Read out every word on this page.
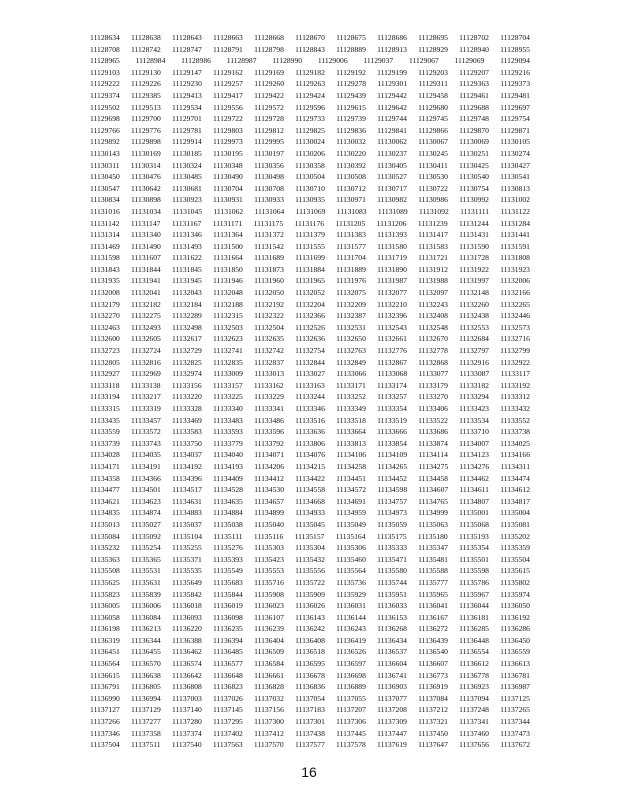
11128634 11128638 11128643 11128663 11128668 11128670 11128675 11128686 11128695 11128702 11128704
11128708 11128742 11128747 11128791 11128798 11128843 11128889 11128913 11128929 11128940 11128955
11128965 11128984 11128986 11128987 11128990 11129006 11129037 11129067 11129069 11129094
11129103 11129130 11129147 11129162 11129169 11129182 11129192 11129199 11129203 11129207 11129216
11129222 11129226 11129230 11129257 11129260 11129263 11129278 11129301 11129311 11129363 11129373
11129374 11129385 11129413 11129417 11129422 11129424 11129439 11129442 11129458 11129461 11129481
11129502 11129513 11129534 11129556 11129572 11129596 11129615 11129642 11129680 11129688 11129697
11129698 11129700 11129701 11129722 11129728 11129733 11129739 11129744 11129745 11129748 11129754
11129766 11129776 11129781 11129803 11129812 11129825 11129836 11129841 11129866 11129870 11129871
11129892 11129898 11129914 11129973 11129995 11130024 11130032 11130062 11130067 11130069 11130105
11130143 11130169 11130185 11130195 11130197 11130206 11130220 11130237 11130245 11130251 11130274
11130311 11130314 11130324 11130348 11130356 11130358 11130392 11130405 11130411 11130425 11130427
11130450 11130476 11130485 11130490 11130498 11130504 11130508 11130527 11130530 11130540 11130541
11130547 11130642 11130681 11130704 11130708 11130710 11130712 11130717 11130722 11130754 11130813
11130834 11130898 11130923 11130931 11130933 11130935 11130971 11130982 11130986 11130992 11131002
11131016 11131034 11131045 11131062 11131064 11131069 11131083 11131089 11131092 11131111 11131122
11131142 11131147 11131167 11131171 11131175 11131176 11131205 11131206 11131239 11131244 11131284
11131314 11131340 11131346 11131364 11131372 11131379 11131383 11131393 11131417 11131431 11131441
11131469 11131490 11131493 11131500 11131542 11131555 11131577 11131580 11131583 11131590 11131591
11131598 11131607 11131622 11131664 11131689 11131699 11131704 11131719 11131721 11131728 11131808
11131843 11131844 11131845 11131850 11131873 11131884 11131889 11131890 11131912 11131922 11131923
11131935 11131941 11131945 11131946 11131960 11131965 11131976 11131987 11131988 11131997 11132006
11132008 11132041 11132043 11132048 11132050 11132052 11132075 11132077 11132097 11132148 11132166
11132179 11132182 11132184 11132188 11132192 11132204 11132209 11132210 11132243 11132260 11132265
11132270 11132275 11132289 11132315 11132322 11132366 11132387 11132396 11132408 11132438 11132446
11132463 11132493 11132498 11132503 11132504 11132526 11132531 11132543 11132548 11132553 11132573
11132600 11132605 11132617 11132623 11132635 11132636 11132650 11132661 11132670 11132684 11132716
11132723 11132724 11132729 11132741 11132742 11132754 11132763 11132776 11132778 11132797 11132799
11132805 11132816 11132825 11132835 11132837 11132844 11132849 11132867 11132868 11132916 11132922
11132927 11132969 11132974 11133009 11133013 11133027 11133066 11133068 11133077 11133087 11133117
11133118 11133138 11133156 11133157 11133162 11133163 11133171 11133174 11133179 11133182 11133192
11133194 11133217 11133220 11133225 11133229 11133244 11133252 11133257 11133270 11133294 11133312
11133315 11133319 11133328 11133340 11133341 11133346 11133349 11133354 11133406 11133423 11133432
11133435 11133457 11133469 11133483 11133486 11133516 11133518 11133519 11133522 11133534 11133552
11133559 11133572 11133583 11133593 11133596 11133636 11133664 11133666 11133686 11133710 11133738
11133739 11133743 11133750 11133779 11133792 11133806 11133813 11133854 11133874 11134007 11134025
11134028 11134035 11134037 11134040 11134071 11134076 11134106 11134109 11134114 11134123 11134166
11134171 11134191 11134192 11134193 11134206 11134215 11134258 11134265 11134275 11134276 11134311
11134358 11134366 11134396 11134409 11134412 11134422 11134451 11134452 11134458 11134462 11134474
11134477 11134501 11134517 11134528 11134530 11134558 11134572 11134598 11134607 11134611 11134612
11134621 11134623 11134631 11134635 11134657 11134668 11134691 11134757 11134765 11134807 11134817
11134835 11134874 11134883 11134884 11134899 11134933 11134959 11134973 11134999 11135001 11135004
11135013 11135027 11135037 11135038 11135040 11135045 11135049 11135059 11135063 11135068 11135081
11135084 11135092 11135104 11135111 11135116 11135157 11135164 11135175 11135180 11135193 11135202
11135232 11135254 11135255 11135276 11135303 11135304 11135306 11135333 11135347 11135354 11135359
11135363 11135365 11135371 11135393 11135423 11135432 11135460 11135471 11135481 11135501 11135504
11135508 11135531 11135535 11135549 11135553 11135556 11135564 11135580 11135588 11135598 11135615
11135625 11135631 11135649 11135683 11135716 11135722 11135736 11135744 11135777 11135786 11135802
11135823 11135839 11135842 11135844 11135908 11135909 11135929 11135951 11135965 11135967 11135974
11136005 11136006 11136018 11136019 11136023 11136026 11136031 11136033 11136041 11136044 11136050
11136058 11136084 11136093 11136098 11136107 11136143 11136144 11136153 11136167 11136181 11136192
11136198 11136213 11136220 11136235 11136239 11136242 11136243 11136268 11136272 11136285 11136286
11136319 11136344 11136388 11136394 11136404 11136408 11136419 11136434 11136439 11136448 11136450
11136451 11136455 11136462 11136485 11136509 11136518 11136526 11136537 11136540 11136554 11136559
11136564 11136570 11136574 11136577 11136584 11136595 11136597 11136604 11136607 11136612 11136613
11136615 11136638 11136642 11136648 11136661 11136678 11136698 11136741 11136773 11136778 11136781
11136791 11136805 11136808 11136823 11136828 11136836 11136889 11136903 11136919 11136923 11136987
11136990 11136994 11137003 11137026 11137032 11137054 11137055 11137077 11137084 11137094 11137125
11137127 11137129 11137140 11137145 11137156 11137183 11137207 11137208 11137212 11137248 11137265
11137266 11137277 11137280 11137295 11137300 11137301 11137306 11137309 11137321 11137341 11137344
11137346 11137358 11137374 11137402 11137412 11137438 11137445 11137447 11137450 11137460 11137473
11137504 11137511 11137540 11137563 11137570 11137577 11137578 11137619 11137647 11137656 11137672
16
